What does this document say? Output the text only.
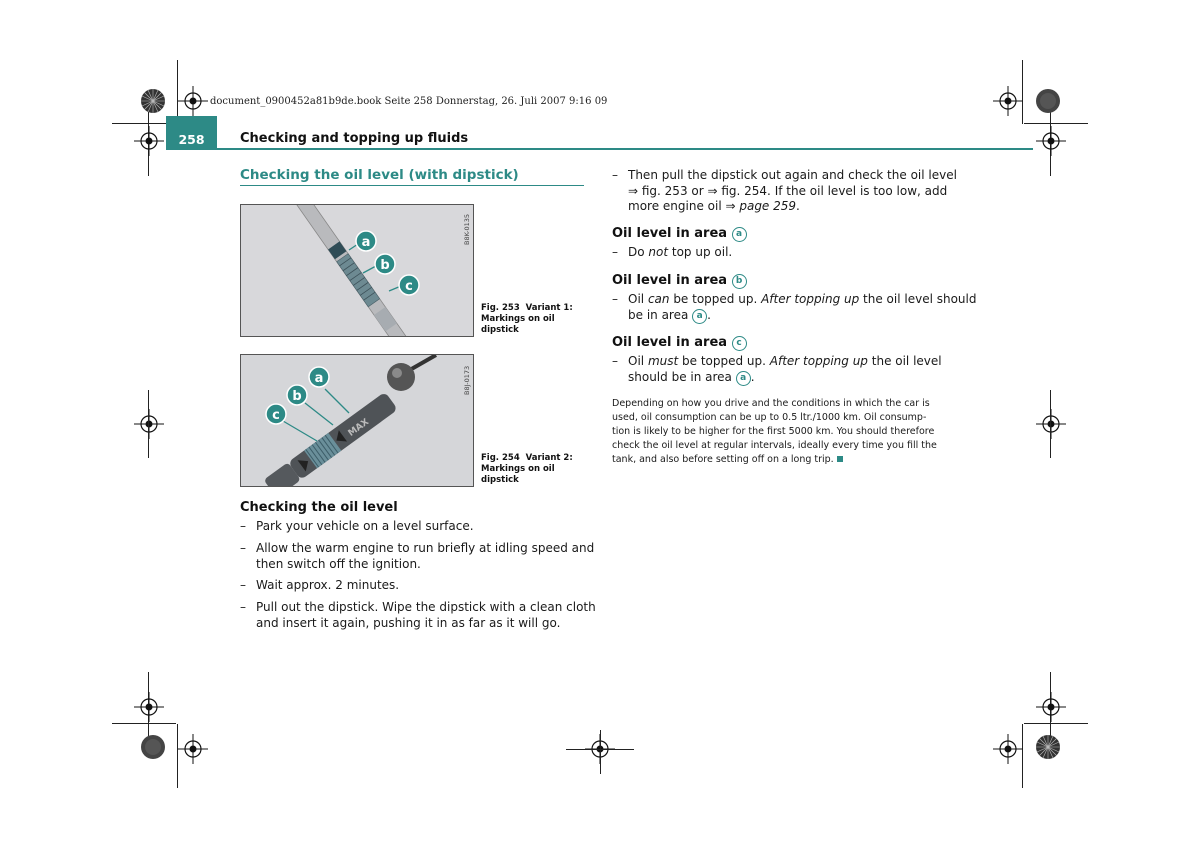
document_0900452a81b9de.book Seite 258 Donnerstag, 26. Juli 2007 9:16 09
258	Checking and topping up fluids
Checking the oil level (with dipstick)
a
b
c
B8K-0135
Fig. 253 Variant 1: Markings on oil dipstick
MAX
a
b
c
B8J-0173
Fig. 254 Variant 2: Markings on oil dipstick
Checking the oil level
– Park your vehicle on a level surface.
– Allow the warm engine to run briefly at idling speed and
then switch off the ignition.
– Wait approx. 2 minutes.
– Pull out the dipstick. Wipe the dipstick with a clean cloth
and insert it again, pushing it in as far as it will go.
– Then pull the dipstick out again and check the oil level
⇒ fig. 253 or ⇒ fig. 254. If the oil level is too low, add
more engine oil ⇒ page 259.
Oil level in area a
– Do not top up oil.
Oil level in area b
– Oil can be topped up. After topping up the oil level should
be in area a .
Oil level in area c
– Oil must be topped up. After topping up the oil level
should be in area a .
Depending on how you drive and the conditions in which the car is
used, oil consumption can be up to 0.5 ltr./1000 km. Oil consump-
tion is likely to be higher for the first 5000 km. You should therefore
check the oil level at regular intervals, ideally every time you fill the
tank, and also before setting off on a long trip.
